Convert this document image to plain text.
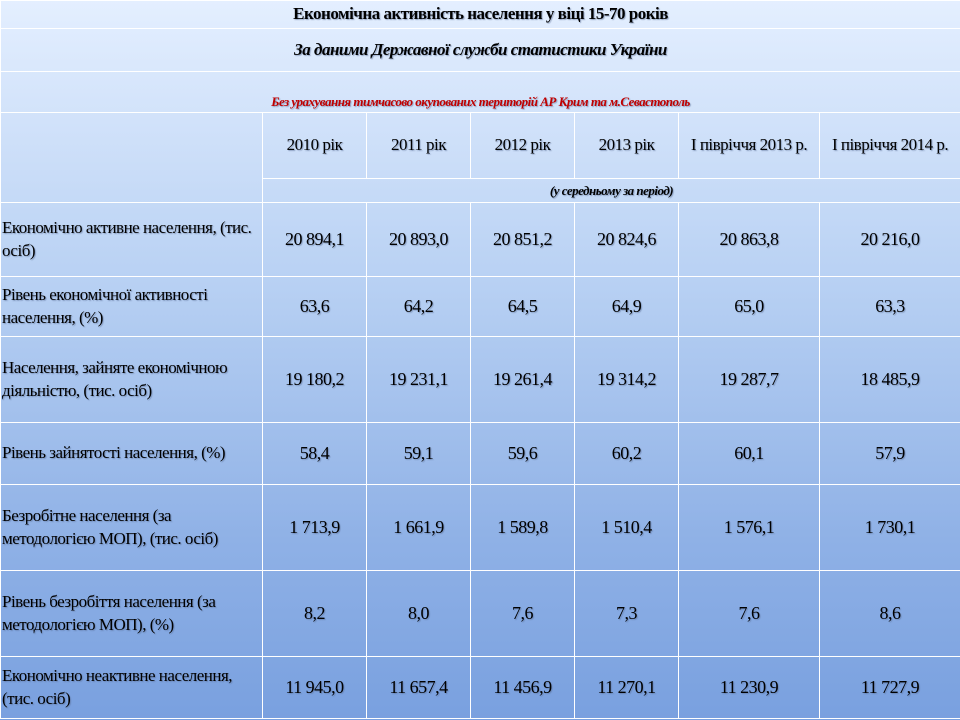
Економічна активність населення у віці 15-70 років						
За даними Державної служби статистики України						
Без урахування тимчасово окупованих територій АР Крим та м.Севастополь						
	2010 рік	2011 рік	2012 рік	2013 рік	І півріччя 2013 р.	І півріччя 2014 р.
	(у середньому за період)					
Економічно активне населення, (тис. осіб)	20 894,1	20 893,0	20 851,2	20 824,6	20 863,8	20 216,0
Рівень економічної активності населення, (%)	63,6	64,2	64,5	64,9	65,0	63,3
Населення, зайняте економічною діяльністю, (тис. осіб)	19 180,2	19 231,1	19 261,4	19 314,2	19 287,7	18 485,9
Рівень зайнятості населення, (%)	58,4	59,1	59,6	60,2	60,1	57,9
Безробітне населення (за методологією МОП), (тис. осіб)	1 713,9	1 661,9	1 589,8	1 510,4	1 576,1	1 730,1
Рівень безробіття населення (за методологією МОП), (%)	8,2	8,0	7,6	7,3	7,6	8,6
Економічно неактивне населення, (тис. осіб)	11 945,0	11 657,4	11 456,9	11 270,1	11 230,9	11 727,9
